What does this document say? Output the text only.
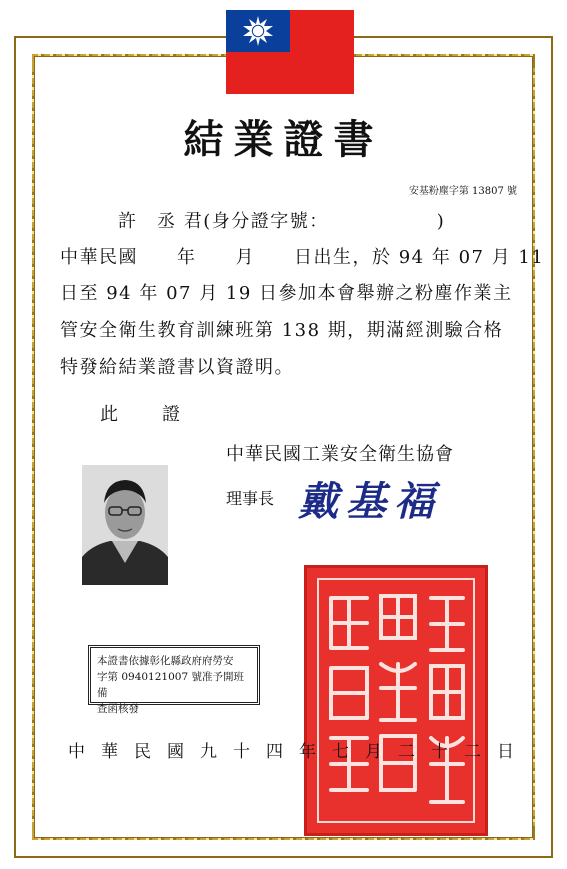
結業證書
安基粉塵字第 13807 號
許　丞 君(身分證字號：　　　　　　)
中華民國　　年　　月　　日出生，於 94 年 07 月 11
日至 94 年 07 月 19 日參加本會舉辦之粉塵作業主
管安全衛生教育訓練班第 138 期，期滿經測驗合格
特發給結業證書以資證明。
此證
中華民國工業安全衛生協會
理事長 戴基福
本證書依據彰化縣政府府勞安
字第 0940121007 號准予開班備
查函核發
中華民國九十四年七月二十二日
